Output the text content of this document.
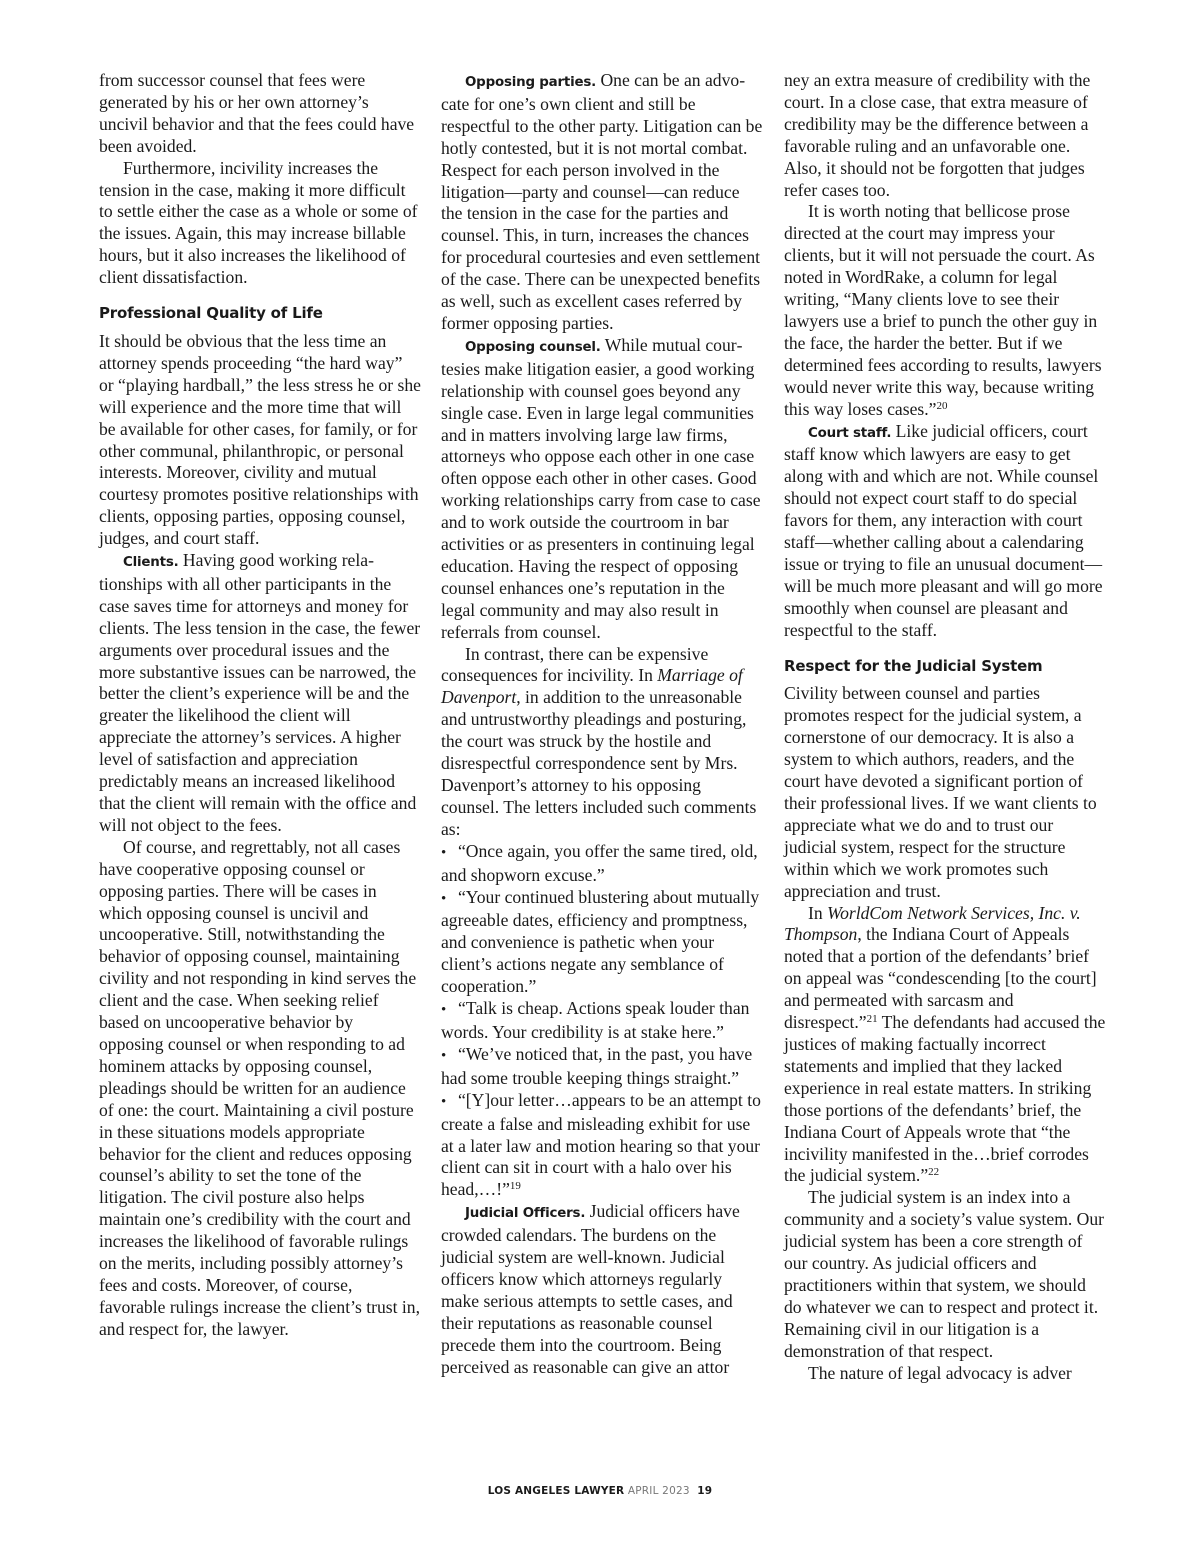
from successor counsel that fees were generated by his or her own attorney’s uncivil behavior and that the fees could have been avoided.

Furthermore, incivility increases the tension in the case, making it more difficult to settle either the case as a whole or some of the issues. Again, this may increase billable hours, but it also increases the likelihood of client dissatisfaction.

Professional Quality of Life

It should be obvious that the less time an attorney spends proceeding “the hard way” or “playing hardball,” the less stress he or she will experience and the more time that will be available for other cases, for family, or for other communal, philanthropic, or personal interests. Moreover, civility and mutual courtesy promotes positive relationships with clients, opposing parties, opposing counsel, judges, and court staff.

Clients. Having good working relationships with all other participants in the case saves time for attorneys and money for clients. The less tension in the case, the fewer arguments over procedural issues and the more substantive issues can be narrowed, the better the client’s experience will be and the greater the likelihood the client will appreciate the attorney’s services. A higher level of satisfaction and appreciation predictably means an increased likelihood that the client will remain with the office and will not object to the fees.

Of course, and regrettably, not all cases have cooperative opposing counsel or opposing parties. There will be cases in which opposing counsel is uncivil and uncooperative. Still, notwithstanding the behavior of opposing counsel, maintaining civility and not responding in kind serves the client and the case. When seeking relief based on uncooperative behavior by opposing counsel or when responding to ad hominem attacks by opposing counsel, pleadings should be written for an audience of one: the court. Maintaining a civil posture in these situations models appropriate behavior for the client and reduces opposing counsel’s ability to set the tone of the litigation. The civil posture also helps maintain one’s credibility with the court and increases the likelihood of favorable rulings on the merits, including possibly attorney’s fees and costs. Moreover, of course, favorable rulings increase the client’s trust in, and respect for, the lawyer.

Opposing parties. One can be an advocate for one’s own client and still be respectful to the other party. Litigation can be hotly contested, but it is not mortal combat. Respect for each person involved in the litigation—party and counsel—can reduce the tension in the case for the parties and counsel. This, in turn, increases the chances for procedural courtesies and even settlement of the case. There can be unexpected benefits as well, such as excellent cases referred by former opposing parties.

Opposing counsel. While mutual courtesies make litigation easier, a good working relationship with counsel goes beyond any single case. Even in large legal communities and in matters involving large law firms, attorneys who oppose each other in one case often oppose each other in other cases. Good working relationships carry from case to case and to work outside the courtroom in bar activities or as presenters in continuing legal education. Having the respect of opposing counsel enhances one’s reputation in the legal community and may also result in referrals from counsel.

In contrast, there can be expensive consequences for incivility. In Marriage of Davenport, in addition to the unreasonable and untrustworthy pleadings and posturing, the court was struck by the hostile and disrespectful correspondence sent by Mrs. Davenport’s attorney to his opposing counsel. The letters included such comments as:

• “Once again, you offer the same tired, old, and shopworn excuse.”

• “Your continued blustering about mutually agreeable dates, efficiency and promptness, and convenience is pathetic when your client’s actions negate any semblance of cooperation.”

• “Talk is cheap. Actions speak louder than words. Your credibility is at stake here.”

• “We’ve noticed that, in the past, you have had some trouble keeping things straight.”

• “[Y]our letter…appears to be an attempt to create a false and misleading exhibit for use at a later law and motion hearing so that your client can sit in court with a halo over his head,…!”$^{19}$

Judicial Officers. Judicial officers have crowded calendars. The burdens on the judicial system are well-known. Judicial officers know which attorneys regularly make serious attempts to settle cases, and their reputations as reasonable counsel precede them into the courtroom. Being perceived as reasonable can give an attor

ney an extra measure of credibility with the court. In a close case, that extra measure of credibility may be the difference between a favorable ruling and an unfavorable one. Also, it should not be forgotten that judges refer cases too.

It is worth noting that bellicose prose directed at the court may impress your clients, but it will not persuade the court. As noted in WordRake, a column for legal writing, “Many clients love to see their lawyers use a brief to punch the other guy in the face, the harder the better. But if we determined fees according to results, lawyers would never write this way, because writing this way loses cases.”$^{20}$

Court staff. Like judicial officers, court staff know which lawyers are easy to get along with and which are not. While counsel should not expect court staff to do special favors for them, any interaction with court staff—whether calling about a calendaring issue or trying to file an unusual document—will be much more pleasant and will go more smoothly when counsel are pleasant and respectful to the staff.

Respect for the Judicial System

Civility between counsel and parties promotes respect for the judicial system, a cornerstone of our democracy. It is also a system to which authors, readers, and the court have devoted a significant portion of their professional lives. If we want clients to appreciate what we do and to trust our judicial system, respect for the structure within which we work promotes such appreciation and trust.

In WorldCom Network Services, Inc. v. Thompson, the Indiana Court of Appeals noted that a portion of the defendants’ brief on appeal was “condescending [to the court] and permeated with sarcasm and disrespect.”$^{21}$ The defendants had accused the justices of making factually incorrect statements and implied that they lacked experience in real estate matters. In striking those portions of the defendants’ brief, the Indiana Court of Appeals wrote that “the incivility manifested in the…brief corrodes the judicial system.”$^{22}$

The judicial system is an index into a community and a society’s value system. Our judicial system has been a core strength of our country. As judicial officers and practitioners within that system, we should do whatever we can to respect and protect it. Remaining civil in our litigation is a demonstration of that respect.

The nature of legal advocacy is adver

LOS ANGELES LAWYER APRIL 2023 19
